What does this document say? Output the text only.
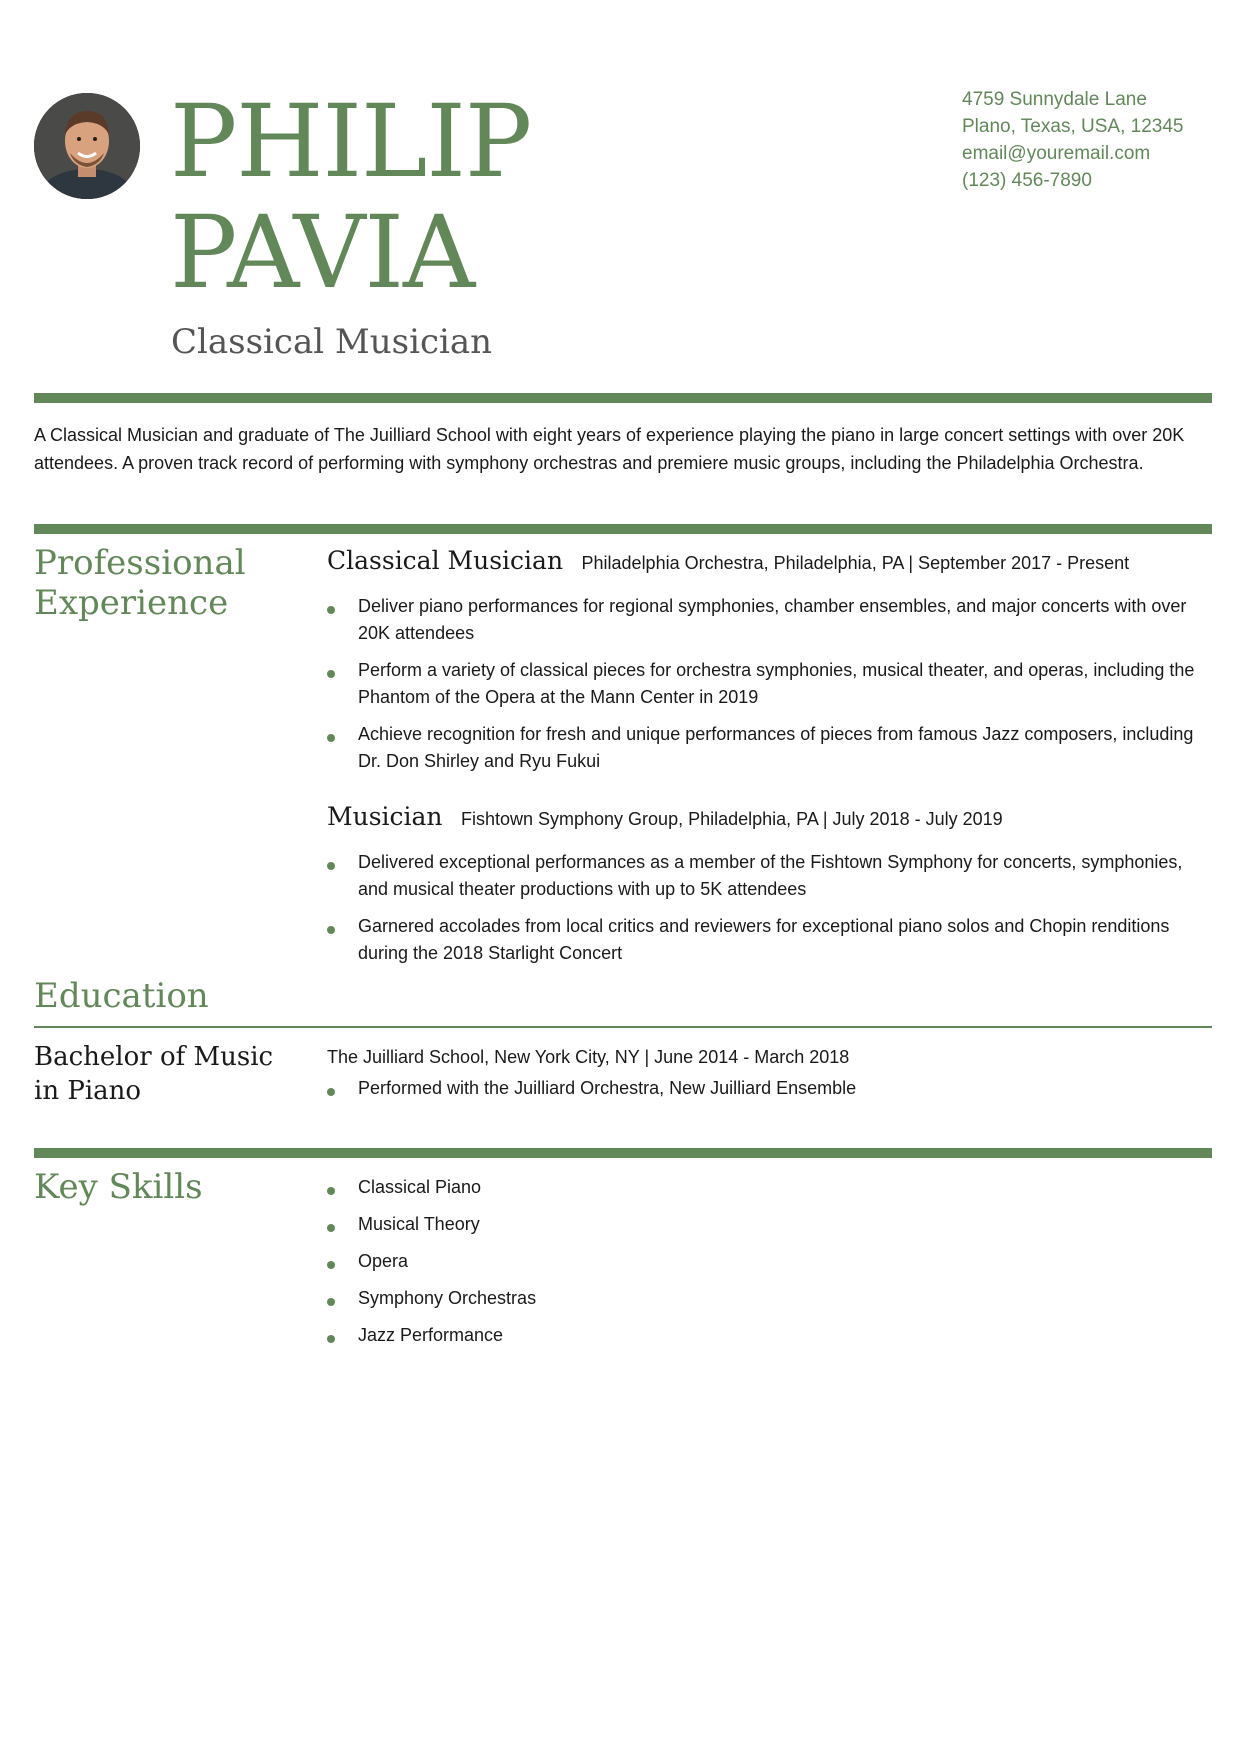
PHILIP
PAVIA
Classical Musician
4759 Sunnydale Lane
Plano, Texas, USA, 12345
email@youremail.com
(123) 456-7890

A Classical Musician and graduate of The Juilliard School with eight years of experience playing the piano in large concert settings with over 20K attendees. A proven track record of performing with symphony orchestras and premiere music groups, including the Philadelphia Orchestra.

Professional
Experience
Classical Musician Philadelphia Orchestra, Philadelphia, PA | September 2017 - Present
Deliver piano performances for regional symphonies, chamber ensembles, and major concerts with over 20K attendees
Perform a variety of classical pieces for orchestra symphonies, musical theater, and operas, including the Phantom of the Opera at the Mann Center in 2019
Achieve recognition for fresh and unique performances of pieces from famous Jazz composers, including Dr. Don Shirley and Ryu Fukui
Musician Fishtown Symphony Group, Philadelphia, PA | July 2018 - July 2019
Delivered exceptional performances as a member of the Fishtown Symphony for concerts, symphonies, and musical theater productions with up to 5K attendees
Garnered accolades from local critics and reviewers for exceptional piano solos and Chopin renditions during the 2018 Starlight Concert
Education
Bachelor of Music in Piano
The Juilliard School, New York City, NY | June 2014 - March 2018
Performed with the Juilliard Orchestra, New Juilliard Ensemble
Key Skills	Classical Piano
Musical Theory
Opera
Symphony Orchestras
Jazz Performance
